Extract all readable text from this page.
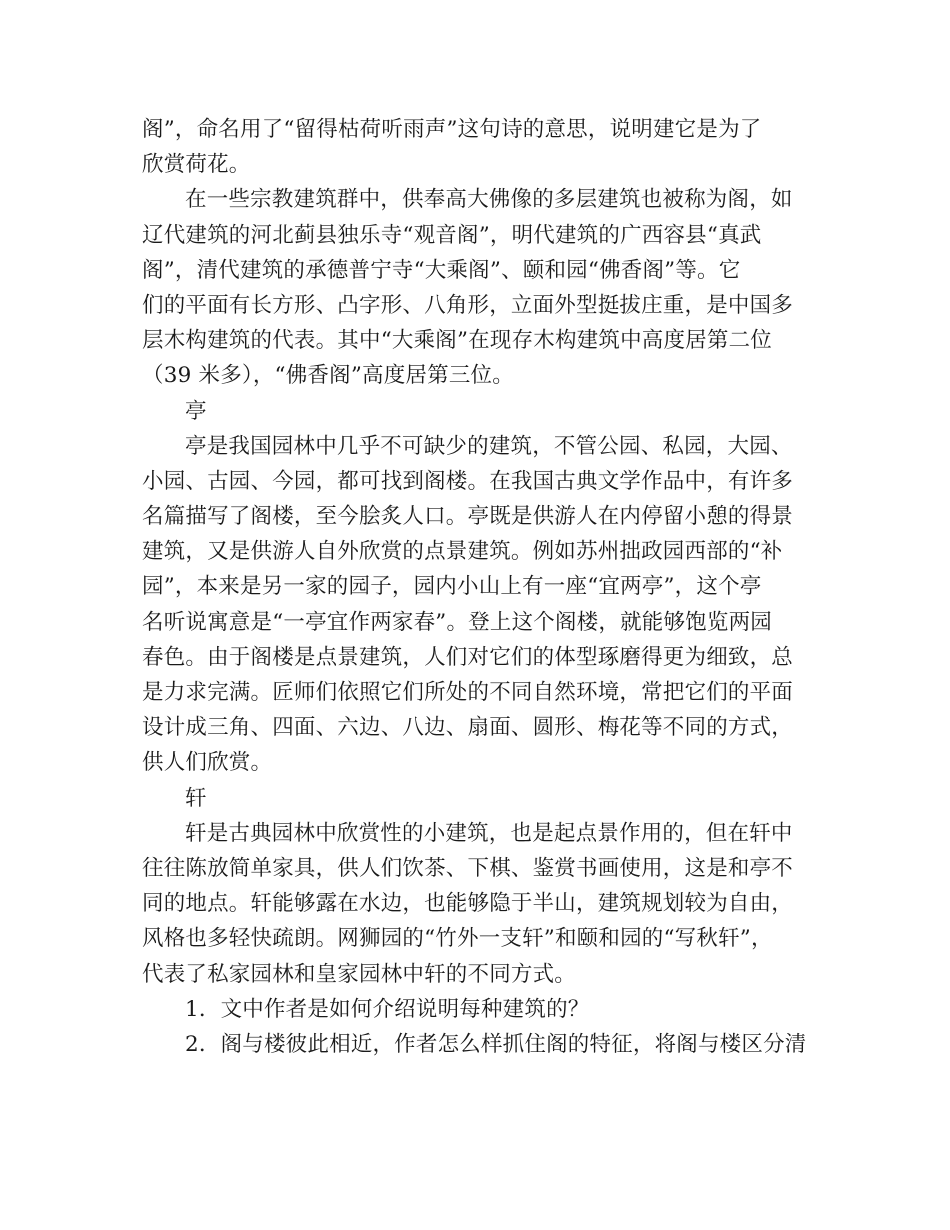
阁”，命名用了“留得枯荷听雨声”这句诗的意思，说明建它是为了
欣赏荷花。
在一些宗教建筑群中，供奉高大佛像的多层建筑也被称为阁，如
辽代建筑的河北蓟县独乐寺“观音阁”，明代建筑的广西容县“真武
阁”，清代建筑的承德普宁寺“大乘阁”、颐和园“佛香阁”等。它
们的平面有长方形、凸字形、八角形，立面外型挺拔庄重，是中国多
层木构建筑的代表。其中“大乘阁”在现存木构建筑中高度居第二位
（39 米多），“佛香阁”高度居第三位。
亭
亭是我国园林中几乎不可缺少的建筑，不管公园、私园，大园、
小园、古园、今园，都可找到阁楼。在我国古典文学作品中，有许多
名篇描写了阁楼，至今脍炙人口。亭既是供游人在内停留小憩的得景
建筑，又是供游人自外欣赏的点景建筑。例如苏州拙政园西部的“补
园”，本来是另一家的园子，园内小山上有一座“宜两亭”，这个亭
名听说寓意是“一亭宜作两家春”。登上这个阁楼，就能够饱览两园
春色。由于阁楼是点景建筑，人们对它们的体型琢磨得更为细致，总
是力求完满。匠师们依照它们所处的不同自然环境，常把它们的平面
设计成三角、四面、六边、八边、扇面、圆形、梅花等不同的方式，
供人们欣赏。
轩
轩是古典园林中欣赏性的小建筑，也是起点景作用的，但在轩中
往往陈放简单家具，供人们饮茶、下棋、鉴赏书画使用，这是和亭不
同的地点。轩能够露在水边，也能够隐于半山，建筑规划较为自由，
风格也多轻快疏朗。网狮园的“竹外一支轩”和颐和园的“写秋轩”，
代表了私家园林和皇家园林中轩的不同方式。
1．文中作者是如何介绍说明每种建筑的？
2．阁与楼彼此相近，作者怎么样抓住阁的特征，将阁与楼区分清
